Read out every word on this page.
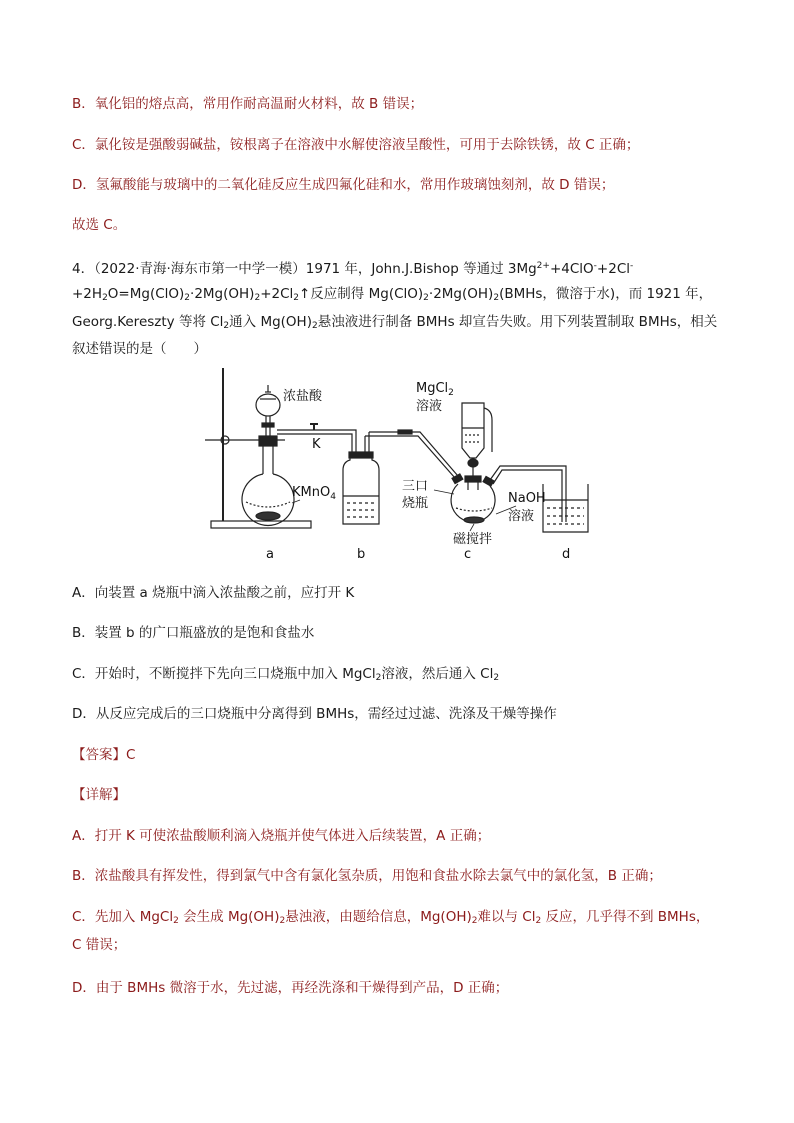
B．氧化铝的熔点高，常用作耐高温耐火材料，故 B 错误；
C．氯化铵是强酸弱碱盐，铵根离子在溶液中水解使溶液呈酸性，可用于去除铁锈，故 C 正确；
D．氢氟酸能与玻璃中的二氧化硅反应生成四氟化硅和水，常用作玻璃蚀刻剂，故 D 错误；
故选 C。
4．（2022·青海·海东市第一中学一模）1971 年，John.J.Bishop 等通过 $3Mg^{2+}+4ClO^-+2Cl^-$
$+2H_2O=Mg(ClO)_2\cdot 2Mg(OH)_2+2Cl_2↑$反应制得 $Mg(ClO)_2\cdot 2Mg(OH)_2(BMHs$，微溶于水)，而 1921 年，
Georg.Kereszty 等将 $Cl_2$通入 $Mg(OH)_2$悬浊液进行制备 BMHs 却宣告失败。用下列装置制取 BMHs，相关
叙述错误的是（　　）
浓盐酸
K
KMnO$_4$
MgCl$_2$
溶液
三口
烧瓶	NaOH
溶液
磁搅拌
a	b	c	d
A．向装置 a 烧瓶中滴入浓盐酸之前，应打开 K
B．装置 b 的广口瓶盛放的是饱和食盐水
C．开始时，不断搅拌下先向三口烧瓶中加入 MgCl$_2$溶液，然后通入 $Cl_2$
D．从反应完成后的三口烧瓶中分离得到 BMHs，需经过过滤、洗涤及干燥等操作
【答案】C
【详解】
A．打开 K 可使浓盐酸顺利滴入烧瓶并使气体进入后续装置，A 正确；
B．浓盐酸具有挥发性，得到氯气中含有氯化氢杂质，用饱和食盐水除去氯气中的氯化氢，B 正确；
C．先加入 MgCl$_2$ 会生成 $Mg(OH)_2$悬浊液，由题给信息，$Mg(OH)_2$难以与 $Cl_2$ 反应，几乎得不到 BMHs，
C 错误；
D．由于 BMHs 微溶于水，先过滤，再经洗涤和干燥得到产品，D 正确；
